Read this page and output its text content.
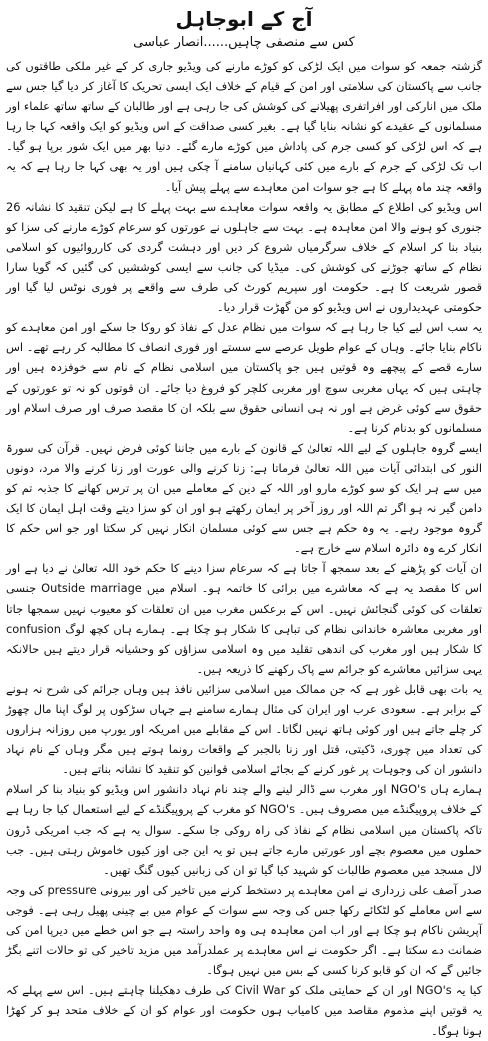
آج کے ابوجاہل
کس سے منصفی چاہیں......انصار عباسی

گزشتہ جمعہ کو سوات میں ایک لڑکی کو کوڑے مارنے کی ویڈیو جاری کر کے غیر ملکی طاقتوں کی جانب سے پاکستان کی سلامتی اور امن کے قیام کے خلاف ایک ایسی تحریک کا آغاز کر دیا گیا جس سے ملک میں انارکی اور افراتفری پھیلانے کی کوشش کی جا رہی ہے اور طالبان کے ساتھ ساتھ علماء اور مسلمانوں کے عقیدے کو نشانہ بنایا گیا ہے۔ بغیر کسی صداقت کے اس ویڈیو کو ایک واقعہ کہا جا رہا ہے کہ اس لڑکی کو کسی جرم کی پاداش میں کوڑے مارے گئے۔ دنیا بھر میں ایک شور برپا ہو گیا۔ اب تک لڑکی کے جرم کے بارے میں کئی کہانیاں سامنے آ چکی ہیں اور یہ بھی کہا جا رہا ہے کہ یہ واقعہ چند ماہ پہلے کا ہے جو سوات امن معاہدے سے پہلے پیش آیا۔

اس ویڈیو کی اطلاع کے مطابق یہ واقعہ سوات معاہدے سے بہت پہلے کا ہے لیکن تنقید کا نشانہ 26 جنوری کو ہونے والا امن معاہدہ ہے۔ بہت سے جاہلوں نے عورتوں کو سرعام کوڑے مارنے کی سزا کو بنیاد بنا کر اسلام کے خلاف سرگرمیاں شروع کر دیں اور دہشت گردی کی کارروائیوں کو اسلامی نظام کے ساتھ جوڑنے کی کوشش کی۔ میڈیا کی جانب سے ایسی کوششیں کی گئیں کہ گویا سارا قصور شریعت کا ہے۔ حکومت اور سپریم کورٹ کی طرف سے واقعے پر فوری نوٹس لیا گیا اور حکومتی عہدیداروں نے اس ویڈیو کو من گھڑت قرار دیا۔

یہ سب اس لیے کیا جا رہا ہے کہ سوات میں نظام عدل کے نفاذ کو روکا جا سکے اور امن معاہدے کو ناکام بنایا جائے۔ وہاں کے عوام طویل عرصے سے سستے اور فوری انصاف کا مطالبہ کر رہے تھے۔ اس سارے قصے کے پیچھے وہ قوتیں ہیں جو پاکستان میں اسلامی نظام کے نام سے خوفزدہ ہیں اور چاہتی ہیں کہ یہاں مغربی سوچ اور مغربی کلچر کو فروغ دیا جائے۔ ان قوتوں کو نہ تو عورتوں کے حقوق سے کوئی غرض ہے اور نہ ہی انسانی حقوق سے بلکہ ان کا مقصد صرف اور صرف اسلام اور مسلمانوں کو بدنام کرنا ہے۔

ایسے گروہ جاہلوں کے لیے اللہ تعالیٰ کے قانون کے بارے میں جاننا کوئی فرض نہیں۔ قرآن کی سورۃ النور کی ابتدائی آیات میں اللہ تعالیٰ فرماتا ہے: زنا کرنے والی عورت اور زنا کرنے والا مرد، دونوں میں سے ہر ایک کو سو کوڑے مارو اور اللہ کے دین کے معاملے میں ان پر ترس کھانے کا جذبہ تم کو دامن گیر نہ ہو اگر تم اللہ اور روز آخر پر ایمان رکھتے ہو اور ان کو سزا دیتے وقت اہل ایمان کا ایک گروہ موجود رہے۔ یہ وہ حکم ہے جس سے کوئی مسلمان انکار نہیں کر سکتا اور جو اس حکم کا انکار کرے وہ دائرہ اسلام سے خارج ہے۔

ان آیات کو پڑھنے کے بعد سمجھ آ جاتا ہے کہ سرعام سزا دینے کا حکم خود اللہ تعالیٰ نے دیا ہے اور اس کا مقصد یہ ہے کہ معاشرے میں برائی کا خاتمہ ہو۔ اسلام میں Outside marriage جنسی تعلقات کی کوئی گنجائش نہیں۔ اس کے برعکس مغرب میں ان تعلقات کو معیوب نہیں سمجھا جاتا اور مغربی معاشرہ خاندانی نظام کی تباہی کا شکار ہو چکا ہے۔ ہمارے ہاں کچھ لوگ confusion کا شکار ہیں اور مغرب کی اندھی تقلید میں وہ اسلامی سزاؤں کو وحشیانہ قرار دیتے ہیں حالانکہ یہی سزائیں معاشرے کو جرائم سے پاک رکھنے کا ذریعہ ہیں۔

یہ بات بھی قابل غور ہے کہ جن ممالک میں اسلامی سزائیں نافذ ہیں وہاں جرائم کی شرح نہ ہونے کے برابر ہے۔ سعودی عرب اور ایران کی مثال ہمارے سامنے ہے جہاں سڑکوں پر لوگ اپنا مال چھوڑ کر چلے جاتے ہیں اور کوئی ہاتھ نہیں لگاتا۔ اس کے مقابلے میں امریکہ اور یورپ میں روزانہ ہزاروں کی تعداد میں چوری، ڈکیتی، قتل اور زنا بالجبر کے واقعات رونما ہوتے ہیں مگر وہاں کے نام نہاد دانشور ان کی وجوہات پر غور کرنے کے بجائے اسلامی قوانین کو تنقید کا نشانہ بناتے ہیں۔

ہمارے ہاں NGO's اور مغرب سے ڈالر لینے والے چند نام نہاد دانشور اس ویڈیو کو بنیاد بنا کر اسلام کے خلاف پروپیگنڈے میں مصروف ہیں۔ NGO's کو مغرب کے پروپیگنڈے کے لیے استعمال کیا جا رہا ہے تاکہ پاکستان میں اسلامی نظام کے نفاذ کی راہ روکی جا سکے۔ سوال یہ ہے کہ جب امریکی ڈرون حملوں میں معصوم بچے اور عورتیں مارے جاتے ہیں تو یہ این جی اوز کیوں خاموش رہتی ہیں۔ جب لال مسجد میں معصوم طالبات کو شہید کیا گیا تو ان کی زبانیں کیوں گنگ تھیں۔

صدر آصف علی زرداری نے امن معاہدے پر دستخط کرنے میں تاخیر کی اور بیرونی pressure کی وجہ سے اس معاملے کو لٹکائے رکھا جس کی وجہ سے سوات کے عوام میں بے چینی پھیل رہی ہے۔ فوجی آپریشن ناکام ہو چکا ہے اور اب امن معاہدہ ہی وہ واحد راستہ ہے جو اس خطے میں دیرپا امن کی ضمانت دے سکتا ہے۔ اگر حکومت نے اس معاہدے پر عملدرآمد میں مزید تاخیر کی تو حالات اتنے بگڑ جائیں گے کہ ان کو قابو کرنا کسی کے بس میں نہیں ہوگا۔

کیا یہ NGO's اور ان کے حمایتی ملک کو Civil War کی طرف دھکیلنا چاہتے ہیں۔ اس سے پہلے کہ یہ قوتیں اپنے مذموم مقاصد میں کامیاب ہوں حکومت اور عوام کو ان کے خلاف متحد ہو کر کھڑا ہونا ہوگا۔
